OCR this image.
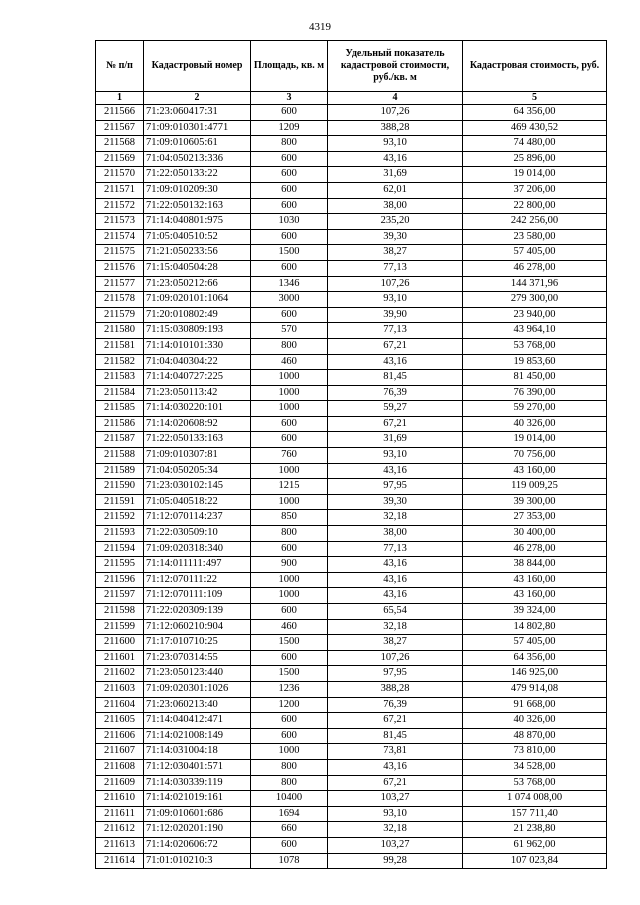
4319
№ п/п	Кадастровый номер	Площадь, кв. м	Удельный показатель кадастровой стоимости, руб./кв. м	Кадастровая стоимость, руб.
1	2	3	4	5
211566	71:23:060417:31	600	107,26	64 356,00
211567	71:09:010301:4771	1209	388,28	469 430,52
211568	71:09:010605:61	800	93,10	74 480,00
211569	71:04:050213:336	600	43,16	25 896,00
211570	71:22:050133:22	600	31,69	19 014,00
211571	71:09:010209:30	600	62,01	37 206,00
211572	71:22:050132:163	600	38,00	22 800,00
211573	71:14:040801:975	1030	235,20	242 256,00
211574	71:05:040510:52	600	39,30	23 580,00
211575	71:21:050233:56	1500	38,27	57 405,00
211576	71:15:040504:28	600	77,13	46 278,00
211577	71:23:050212:66	1346	107,26	144 371,96
211578	71:09:020101:1064	3000	93,10	279 300,00
211579	71:20:010802:49	600	39,90	23 940,00
211580	71:15:030809:193	570	77,13	43 964,10
211581	71:14:010101:330	800	67,21	53 768,00
211582	71:04:040304:22	460	43,16	19 853,60
211583	71:14:040727:225	1000	81,45	81 450,00
211584	71:23:050113:42	1000	76,39	76 390,00
211585	71:14:030220:101	1000	59,27	59 270,00
211586	71:14:020608:92	600	67,21	40 326,00
211587	71:22:050133:163	600	31,69	19 014,00
211588	71:09:010307:81	760	93,10	70 756,00
211589	71:04:050205:34	1000	43,16	43 160,00
211590	71:23:030102:145	1215	97,95	119 009,25
211591	71:05:040518:22	1000	39,30	39 300,00
211592	71:12:070114:237	850	32,18	27 353,00
211593	71:22:030509:10	800	38,00	30 400,00
211594	71:09:020318:340	600	77,13	46 278,00
211595	71:14:011111:497	900	43,16	38 844,00
211596	71:12:070111:22	1000	43,16	43 160,00
211597	71:12:070111:109	1000	43,16	43 160,00
211598	71:22:020309:139	600	65,54	39 324,00
211599	71:12:060210:904	460	32,18	14 802,80
211600	71:17:010710:25	1500	38,27	57 405,00
211601	71:23:070314:55	600	107,26	64 356,00
211602	71:23:050123:440	1500	97,95	146 925,00
211603	71:09:020301:1026	1236	388,28	479 914,08
211604	71:23:060213:40	1200	76,39	91 668,00
211605	71:14:040412:471	600	67,21	40 326,00
211606	71:14:021008:149	600	81,45	48 870,00
211607	71:14:031004:18	1000	73,81	73 810,00
211608	71:12:030401:571	800	43,16	34 528,00
211609	71:14:030339:119	800	67,21	53 768,00
211610	71:14:021019:161	10400	103,27	1 074 008,00
211611	71:09:010601:686	1694	93,10	157 711,40
211612	71:12:020201:190	660	32,18	21 238,80
211613	71:14:020606:72	600	103,27	61 962,00
211614	71:01:010210:3	1078	99,28	107 023,84
